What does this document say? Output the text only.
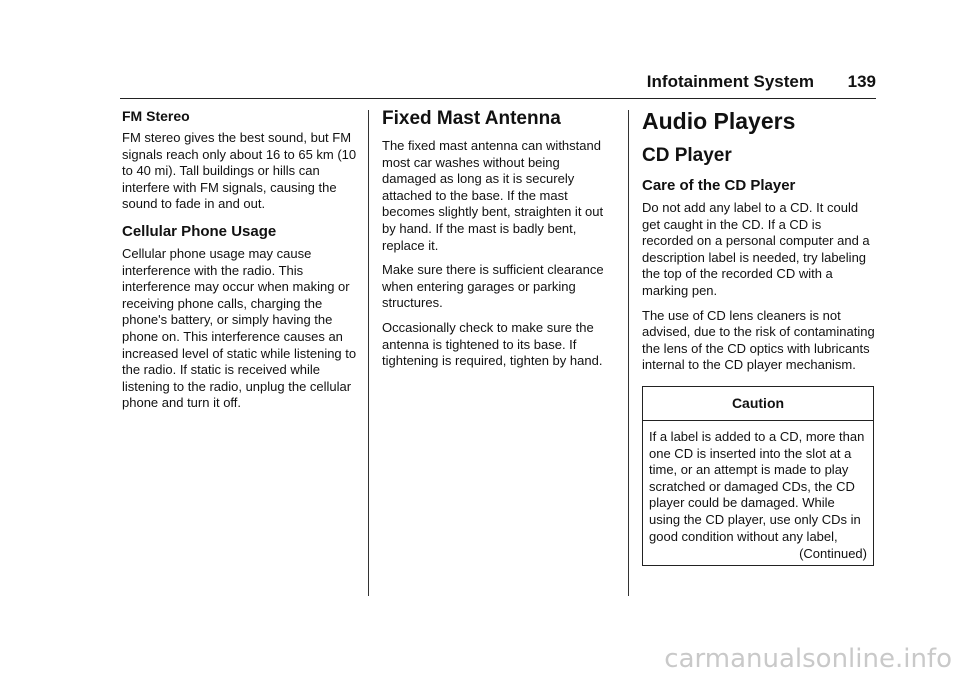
Infotainment System 139
FM Stereo

FM stereo gives the best sound, but FM signals reach only about 16 to 65 km (10 to 40 mi). Tall buildings or hills can interfere with FM signals, causing the sound to fade in and out.

Cellular Phone Usage

Cellular phone usage may cause interference with the radio. This interference may occur when making or receiving phone calls, charging the phone's battery, or simply having the phone on. This interference causes an increased level of static while listening to the radio. If static is received while listening to the radio, unplug the cellular phone and turn it off.

Fixed Mast Antenna

The fixed mast antenna can withstand most car washes without being damaged as long as it is securely attached to the base. If the mast becomes slightly bent, straighten it out by hand. If the mast is badly bent, replace it.

Make sure there is sufficient clearance when entering garages or parking structures.

Occasionally check to make sure the antenna is tightened to its base. If tightening is required, tighten by hand.

Audio Players
CD Player
Care of the CD Player

Do not add any label to a CD. It could get caught in the CD. If a CD is recorded on a personal computer and a description label is needed, try labeling the top of the recorded CD with a marking pen.

The use of CD lens cleaners is not advised, due to the risk of contaminating the lens of the CD optics with lubricants internal to the CD player mechanism.

Caution

If a label is added to a CD, more than one CD is inserted into the slot at a time, or an attempt is made to play scratched or damaged CDs, the CD player could be damaged. While using the CD player, use only CDs in good condition without any label,

(Continued)
carmanualsonline.info
